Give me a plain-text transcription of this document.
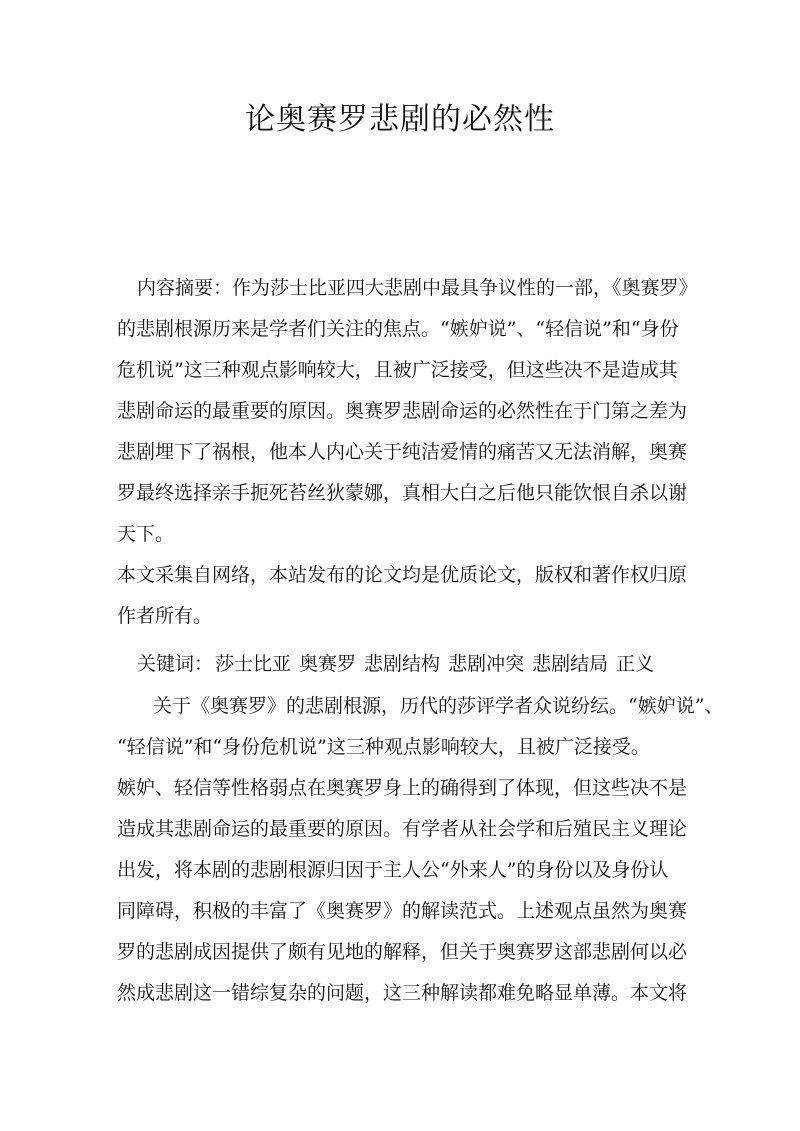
论奥赛罗悲剧的必然性
内容摘要：作为莎士比亚四大悲剧中最具争议性的一部，《奥赛罗》
的悲剧根源历来是学者们关注的焦点。“嫉妒说”、“轻信说”和“身份
危机说”这三种观点影响较大，且被广泛接受，但这些决不是造成其
悲剧命运的最重要的原因。奥赛罗悲剧命运的必然性在于门第之差为
悲剧埋下了祸根，他本人内心关于纯洁爱情的痛苦又无法消解，奥赛
罗最终选择亲手扼死苔丝狄蒙娜，真相大白之后他只能饮恨自杀以谢
天下。
本文采集自网络，本站发布的论文均是优质论文，版权和著作权归原
作者所有。
关键词： 莎士比亚 奥赛罗 悲剧结构 悲剧冲突 悲剧结局 正义
关于《奥赛罗》的悲剧根源，历代的莎评学者众说纷纭。“嫉妒说”、
“轻信说”和“身份危机说”这三种观点影响较大，且被广泛接受。
嫉妒、轻信等性格弱点在奥赛罗身上的确得到了体现，但这些决不是
造成其悲剧命运的最重要的原因。有学者从社会学和后殖民主义理论
出发，将本剧的悲剧根源归因于主人公“外来人”的身份以及身份认
同障碍，积极的丰富了《奥赛罗》的解读范式。上述观点虽然为奥赛
罗的悲剧成因提供了颇有见地的解释，但关于奥赛罗这部悲剧何以必
然成悲剧这一错综复杂的问题，这三种解读都难免略显单薄。本文将
